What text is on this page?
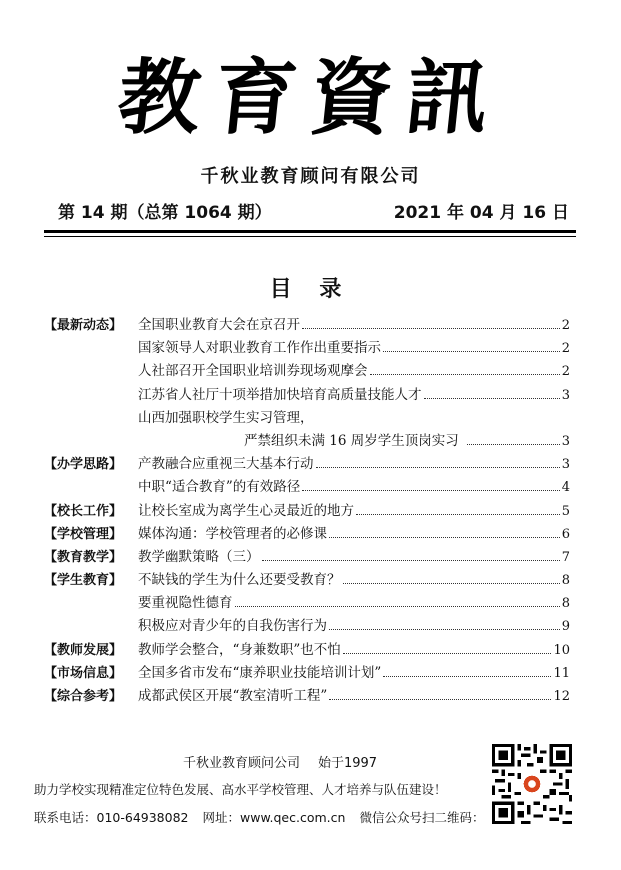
教育資訊
千秋业教育顾问有限公司
第 14 期（总第 1064 期）	2021 年 04 月 16 日
目 录
【最新动态】	全国职业教育大会在京召开	2
国家领导人对职业教育工作作出重要指示	2
人社部召开全国职业培训券现场观摩会	2
江苏省人社厅十项举措加快培育高质量技能人才	3
山西加强职校学生实习管理，
严禁组织未满 16 周岁学生顶岗实习	3
【办学思路】	产教融合应重视三大基本行动	3
中职“适合教育”的有效路径	4
【校长工作】	让校长室成为离学生心灵最近的地方	5
【学校管理】	媒体沟通：学校管理者的必修课	6
【教育教学】	教学幽默策略（三）	7
【学生教育】	不缺钱的学生为什么还要受教育？	8
要重视隐性德育	8
积极应对青少年的自我伤害行为	9
【教师发展】	教师学会整合，“身兼数职”也不怕	10
【市场信息】	全国多省市发布“康养职业技能培训计划”	11
【综合参考】	成都武侯区开展“教室清听工程”	12
千秋业教育顾问公司 始于1997
助力学校实现精准定位特色发展、高水平学校管理、人才培养与队伍建设！
联系电话：010-64938082 网址：www.qec.com.cn 微信公众号扫二维码：
